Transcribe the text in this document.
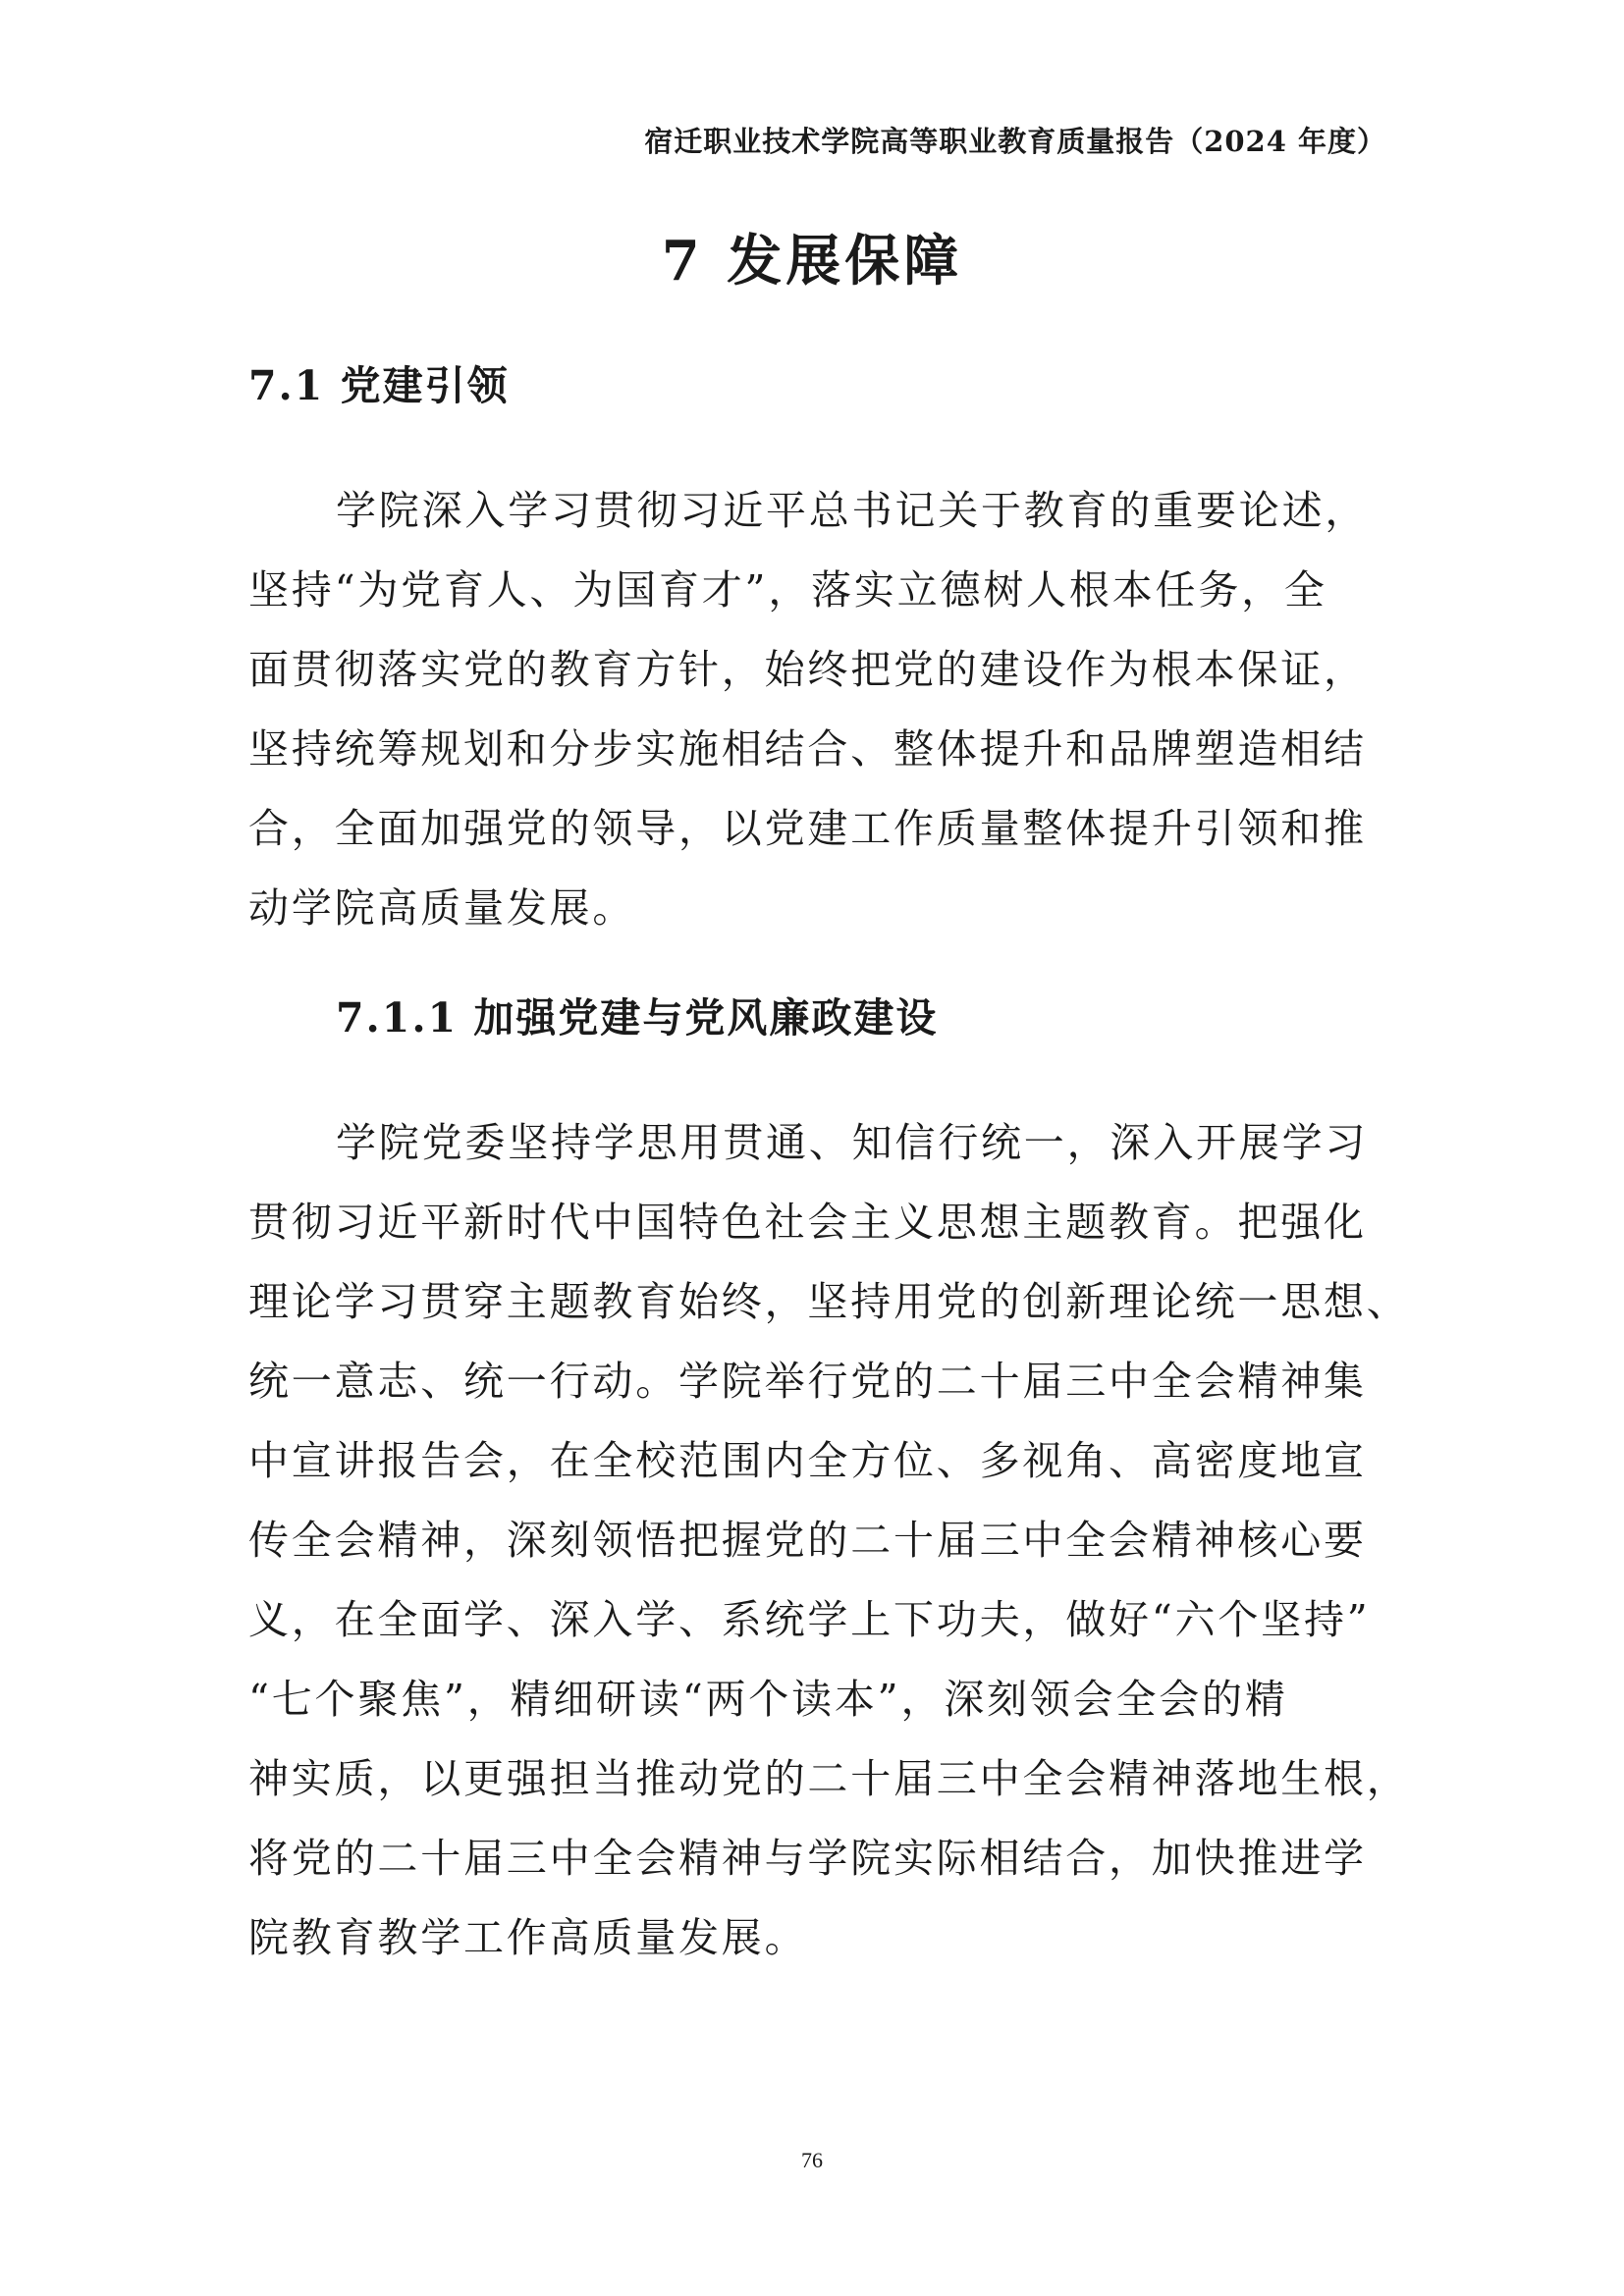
宿迁职业技术学院高等职业教育质量报告（2024 年度）
7 发展保障
7.1 党建引领
学院深入学习贯彻习近平总书记关于教育的重要论述，
坚持“为党育人、为国育才”，落实立德树人根本任务，全
面贯彻落实党的教育方针，始终把党的建设作为根本保证，
坚持统筹规划和分步实施相结合、整体提升和品牌塑造相结
合，全面加强党的领导，以党建工作质量整体提升引领和推
动学院高质量发展。
7.1.1 加强党建与党风廉政建设
学院党委坚持学思用贯通、知信行统一，深入开展学习
贯彻习近平新时代中国特色社会主义思想主题教育。把强化
理论学习贯穿主题教育始终，坚持用党的创新理论统一思想、
统一意志、统一行动。学院举行党的二十届三中全会精神集
中宣讲报告会，在全校范围内全方位、多视角、高密度地宣
传全会精神，深刻领悟把握党的二十届三中全会精神核心要
义，在全面学、深入学、系统学上下功夫，做好“六个坚持”
“七个聚焦”，精细研读“两个读本”，深刻领会全会的精
神实质，以更强担当推动党的二十届三中全会精神落地生根，
将党的二十届三中全会精神与学院实际相结合，加快推进学
院教育教学工作高质量发展。
76
